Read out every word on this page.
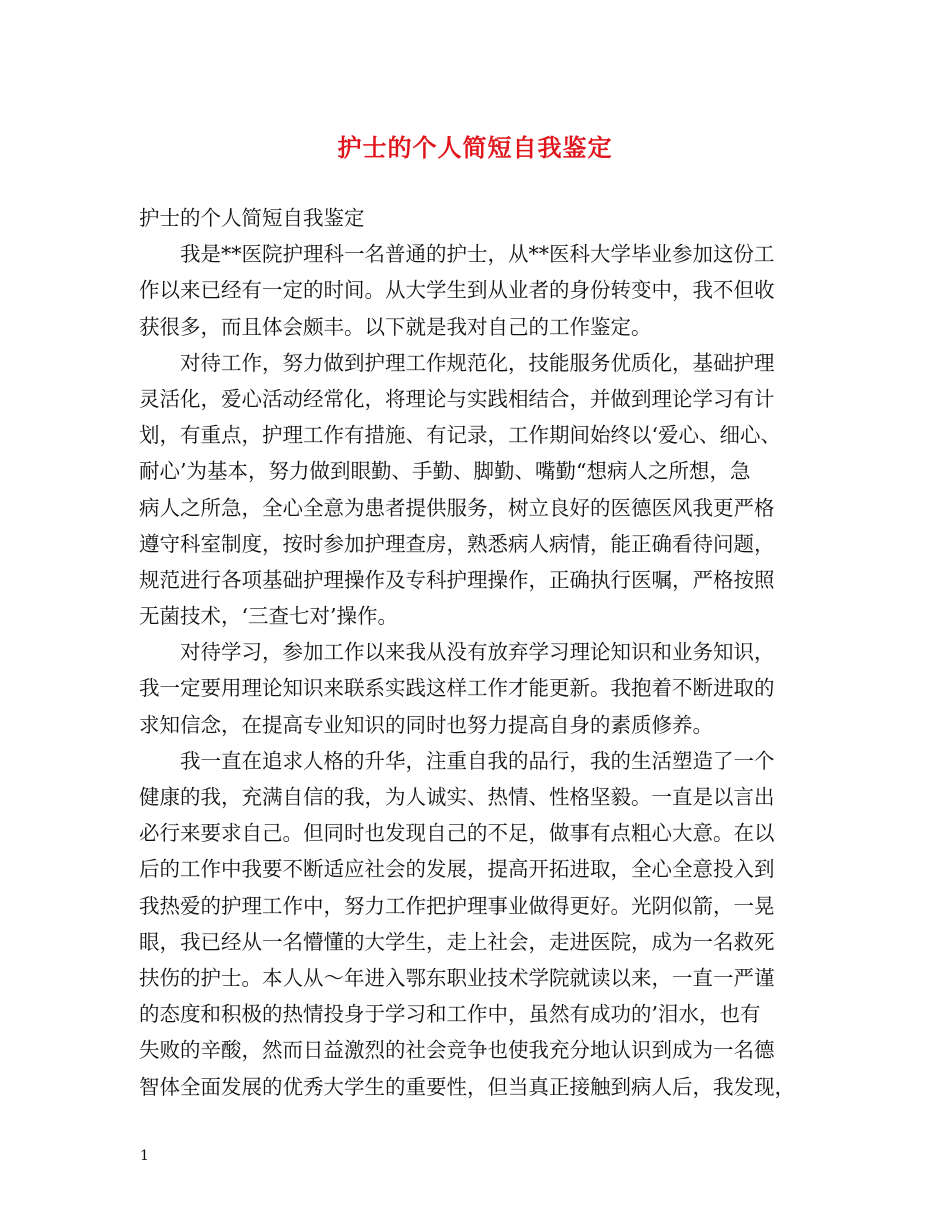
护士的个人简短自我鉴定
护士的个人简短自我鉴定
我是**医院护理科一名普通的护士，从**医科大学毕业参加这份工
作以来已经有一定的时间。从大学生到从业者的身份转变中，我不但收
获很多，而且体会颇丰。以下就是我对自己的工作鉴定。
对待工作，努力做到护理工作规范化，技能服务优质化，基础护理
灵活化，爱心活动经常化，将理论与实践相结合，并做到理论学习有计
划，有重点，护理工作有措施、有记录，工作期间始终以‘爱心、细心、
耐心’为基本，努力做到眼勤、手勤、脚勤、嘴勤“想病人之所想，急
病人之所急，全心全意为患者提供服务，树立良好的医德医风我更严格
遵守科室制度，按时参加护理查房，熟悉病人病情，能正确看待问题，
规范进行各项基础护理操作及专科护理操作，正确执行医嘱，严格按照
无菌技术，‘三查七对’操作。
对待学习，参加工作以来我从没有放弃学习理论知识和业务知识，
我一定要用理论知识来联系实践这样工作才能更新。我抱着不断进取的
求知信念，在提高专业知识的同时也努力提高自身的素质修养。
我一直在追求人格的升华，注重自我的品行，我的生活塑造了一个
健康的我，充满自信的我，为人诚实、热情、性格坚毅。一直是以言出
必行来要求自己。但同时也发现自己的不足，做事有点粗心大意。在以
后的工作中我要不断适应社会的发展，提高开拓进取，全心全意投入到
我热爱的护理工作中，努力工作把护理事业做得更好。光阴似箭，一晃
眼，我已经从一名懵懂的大学生，走上社会，走进医院，成为一名救死
扶伤的护士。本人从～年进入鄂东职业技术学院就读以来，一直一严谨
的态度和积极的热情投身于学习和工作中，虽然有成功的’泪水，也有
失败的辛酸，然而日益激烈的社会竞争也使我充分地认识到成为一名德
智体全面发展的优秀大学生的重要性，但当真正接触到病人后，我发现，
1
